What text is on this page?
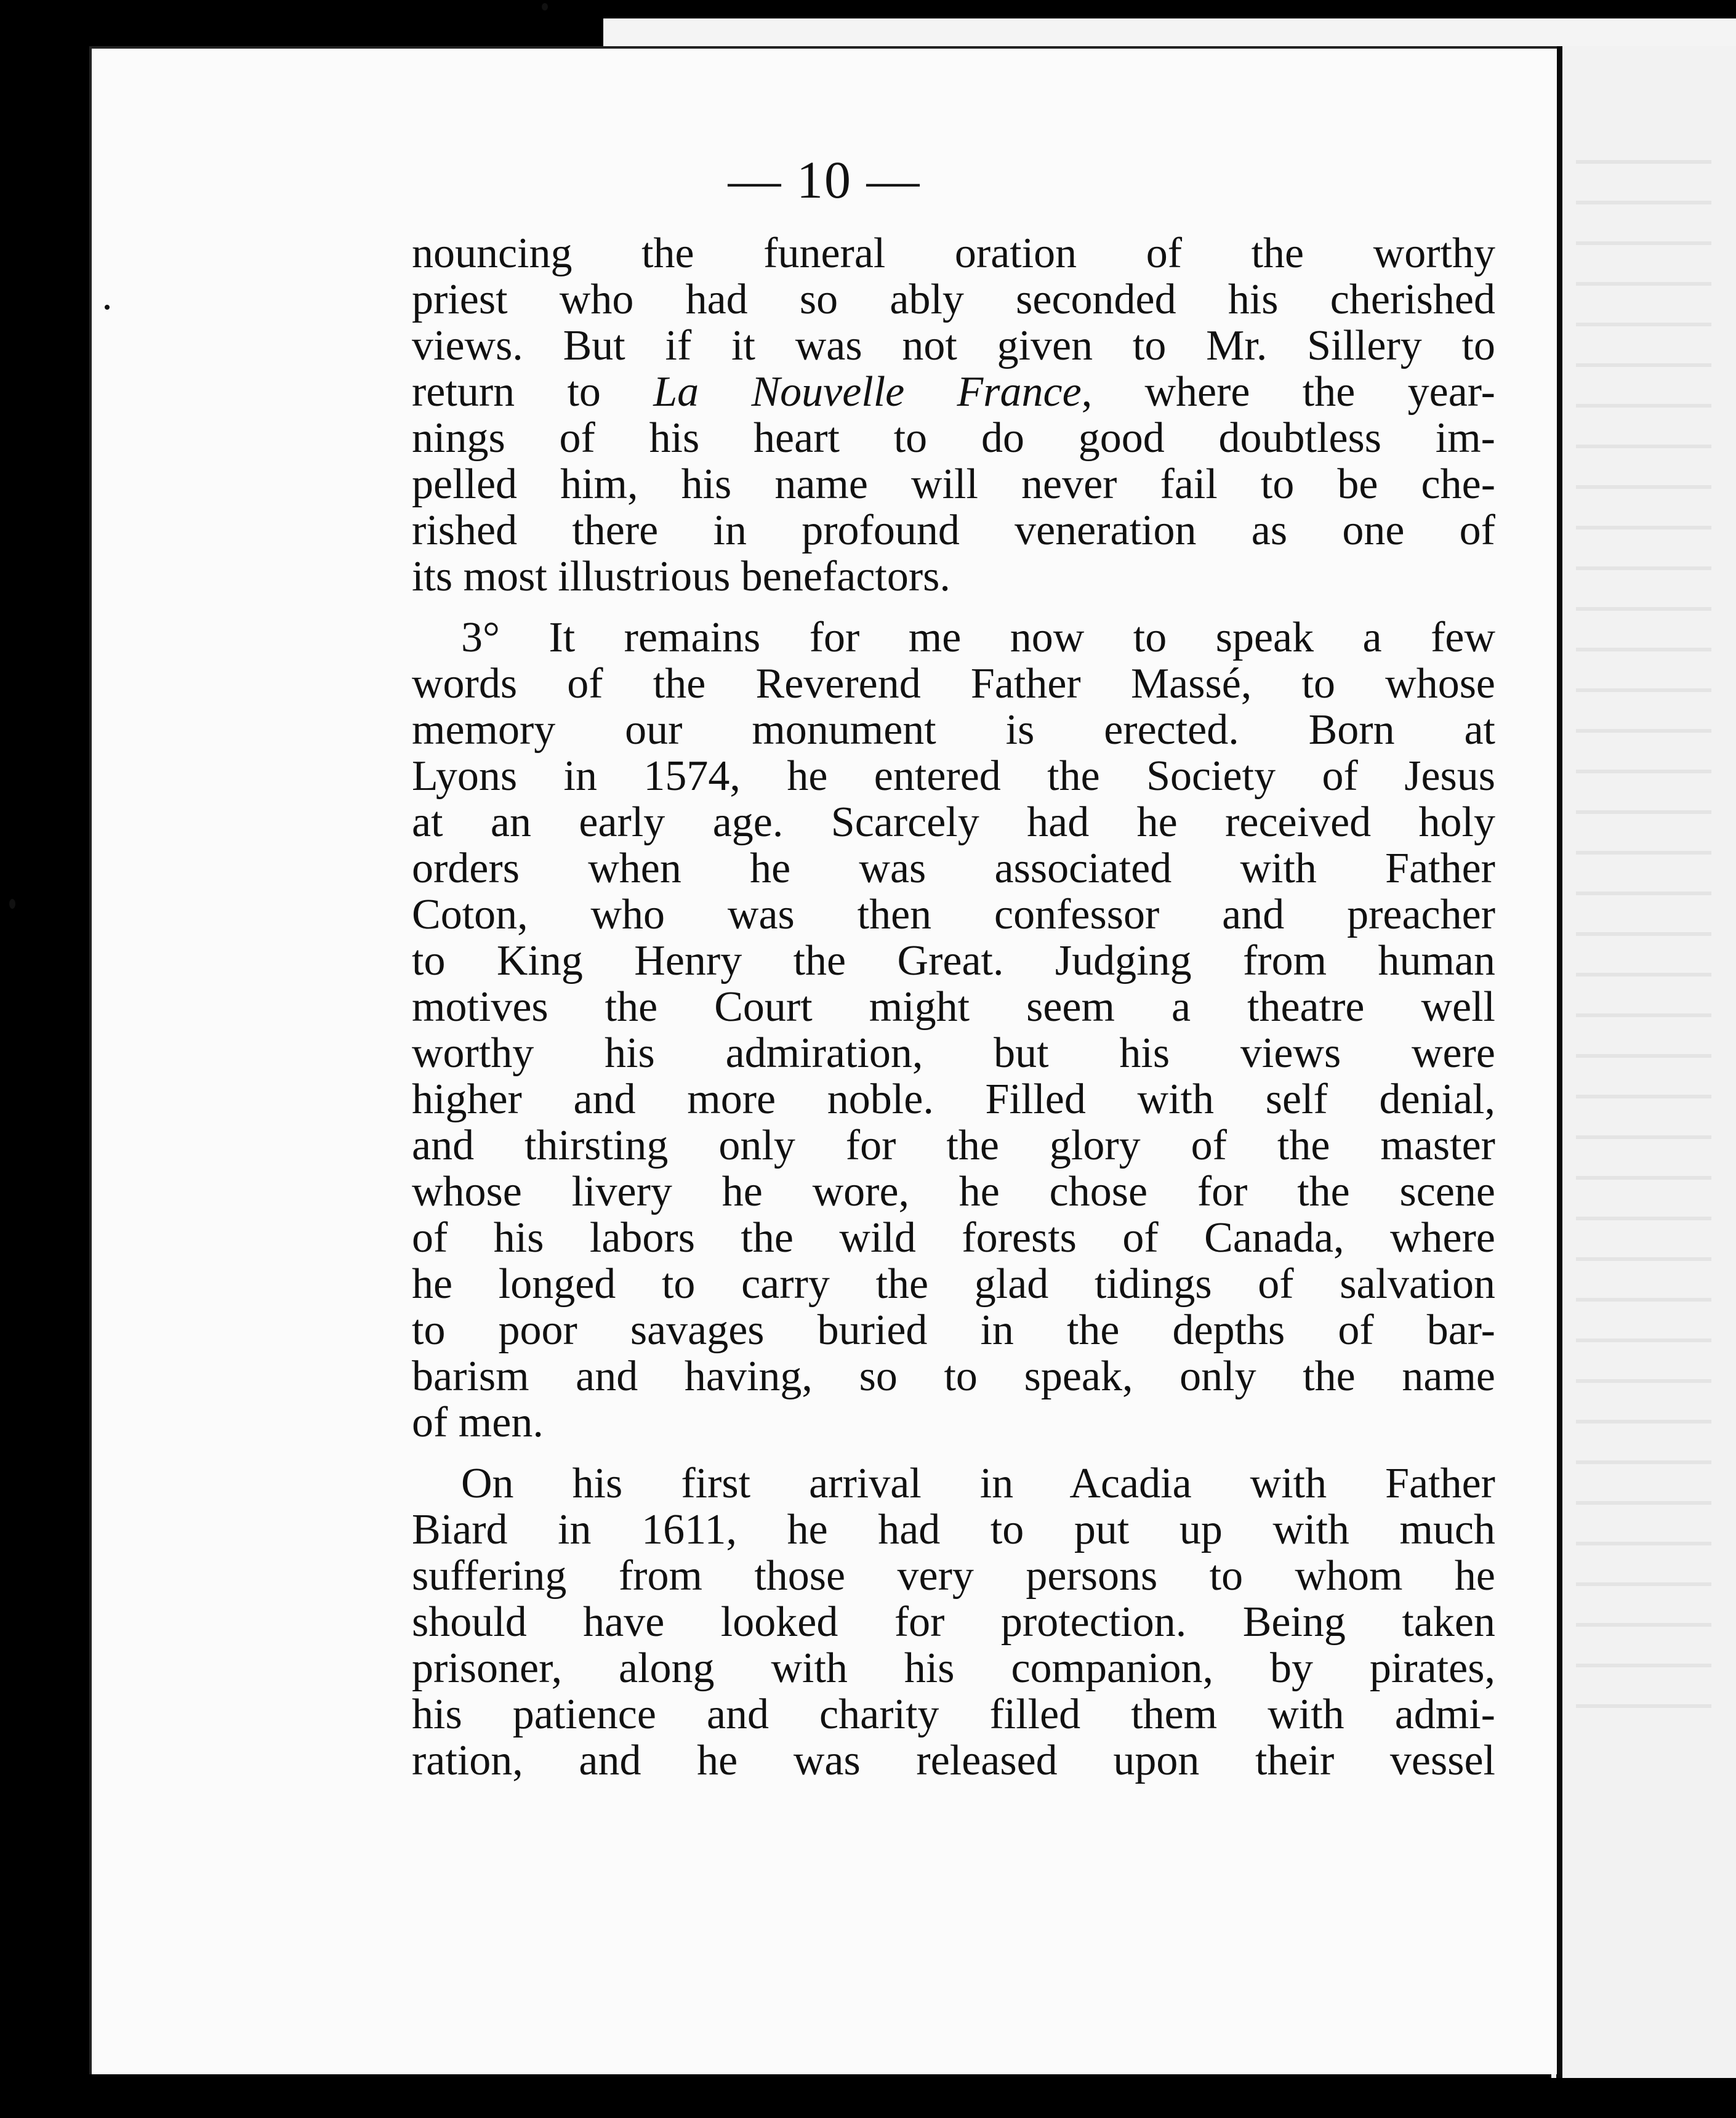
— 10 —
nouncing the funeral oration of the worthy
priest who had so ably seconded his cherished
views. But if it was not given to Mr. Sillery to
return to La Nouvelle France, where the year-
nings of his heart to do good doubtless im-
pelled him, his name will never fail to be che-
rished there in profound veneration as one of
its most illustrious benefactors.
3° It remains for me now to speak a few
words of the Reverend Father Massé, to whose
memory our monument is erected. Born at
Lyons in 1574, he entered the Society of Jesus
at an early age. Scarcely had he received holy
orders when he was associated with Father
Coton, who was then confessor and preacher
to King Henry the Great. Judging from human
motives the Court might seem a theatre well
worthy his admiration, but his views were
higher and more noble. Filled with self denial,
and thirsting only for the glory of the master
whose livery he wore, he chose for the scene
of his labors the wild forests of Canada, where
he longed to carry the glad tidings of salvation
to poor savages buried in the depths of bar-
barism and having, so to speak, only the name
of men.
On his first arrival in Acadia with Father
Biard in 1611, he had to put up with much
suffering from those very persons to whom he
should have looked for protection. Being taken
prisoner, along with his companion, by pirates,
his patience and charity filled them with admi-
ration, and he was released upon their vessel
